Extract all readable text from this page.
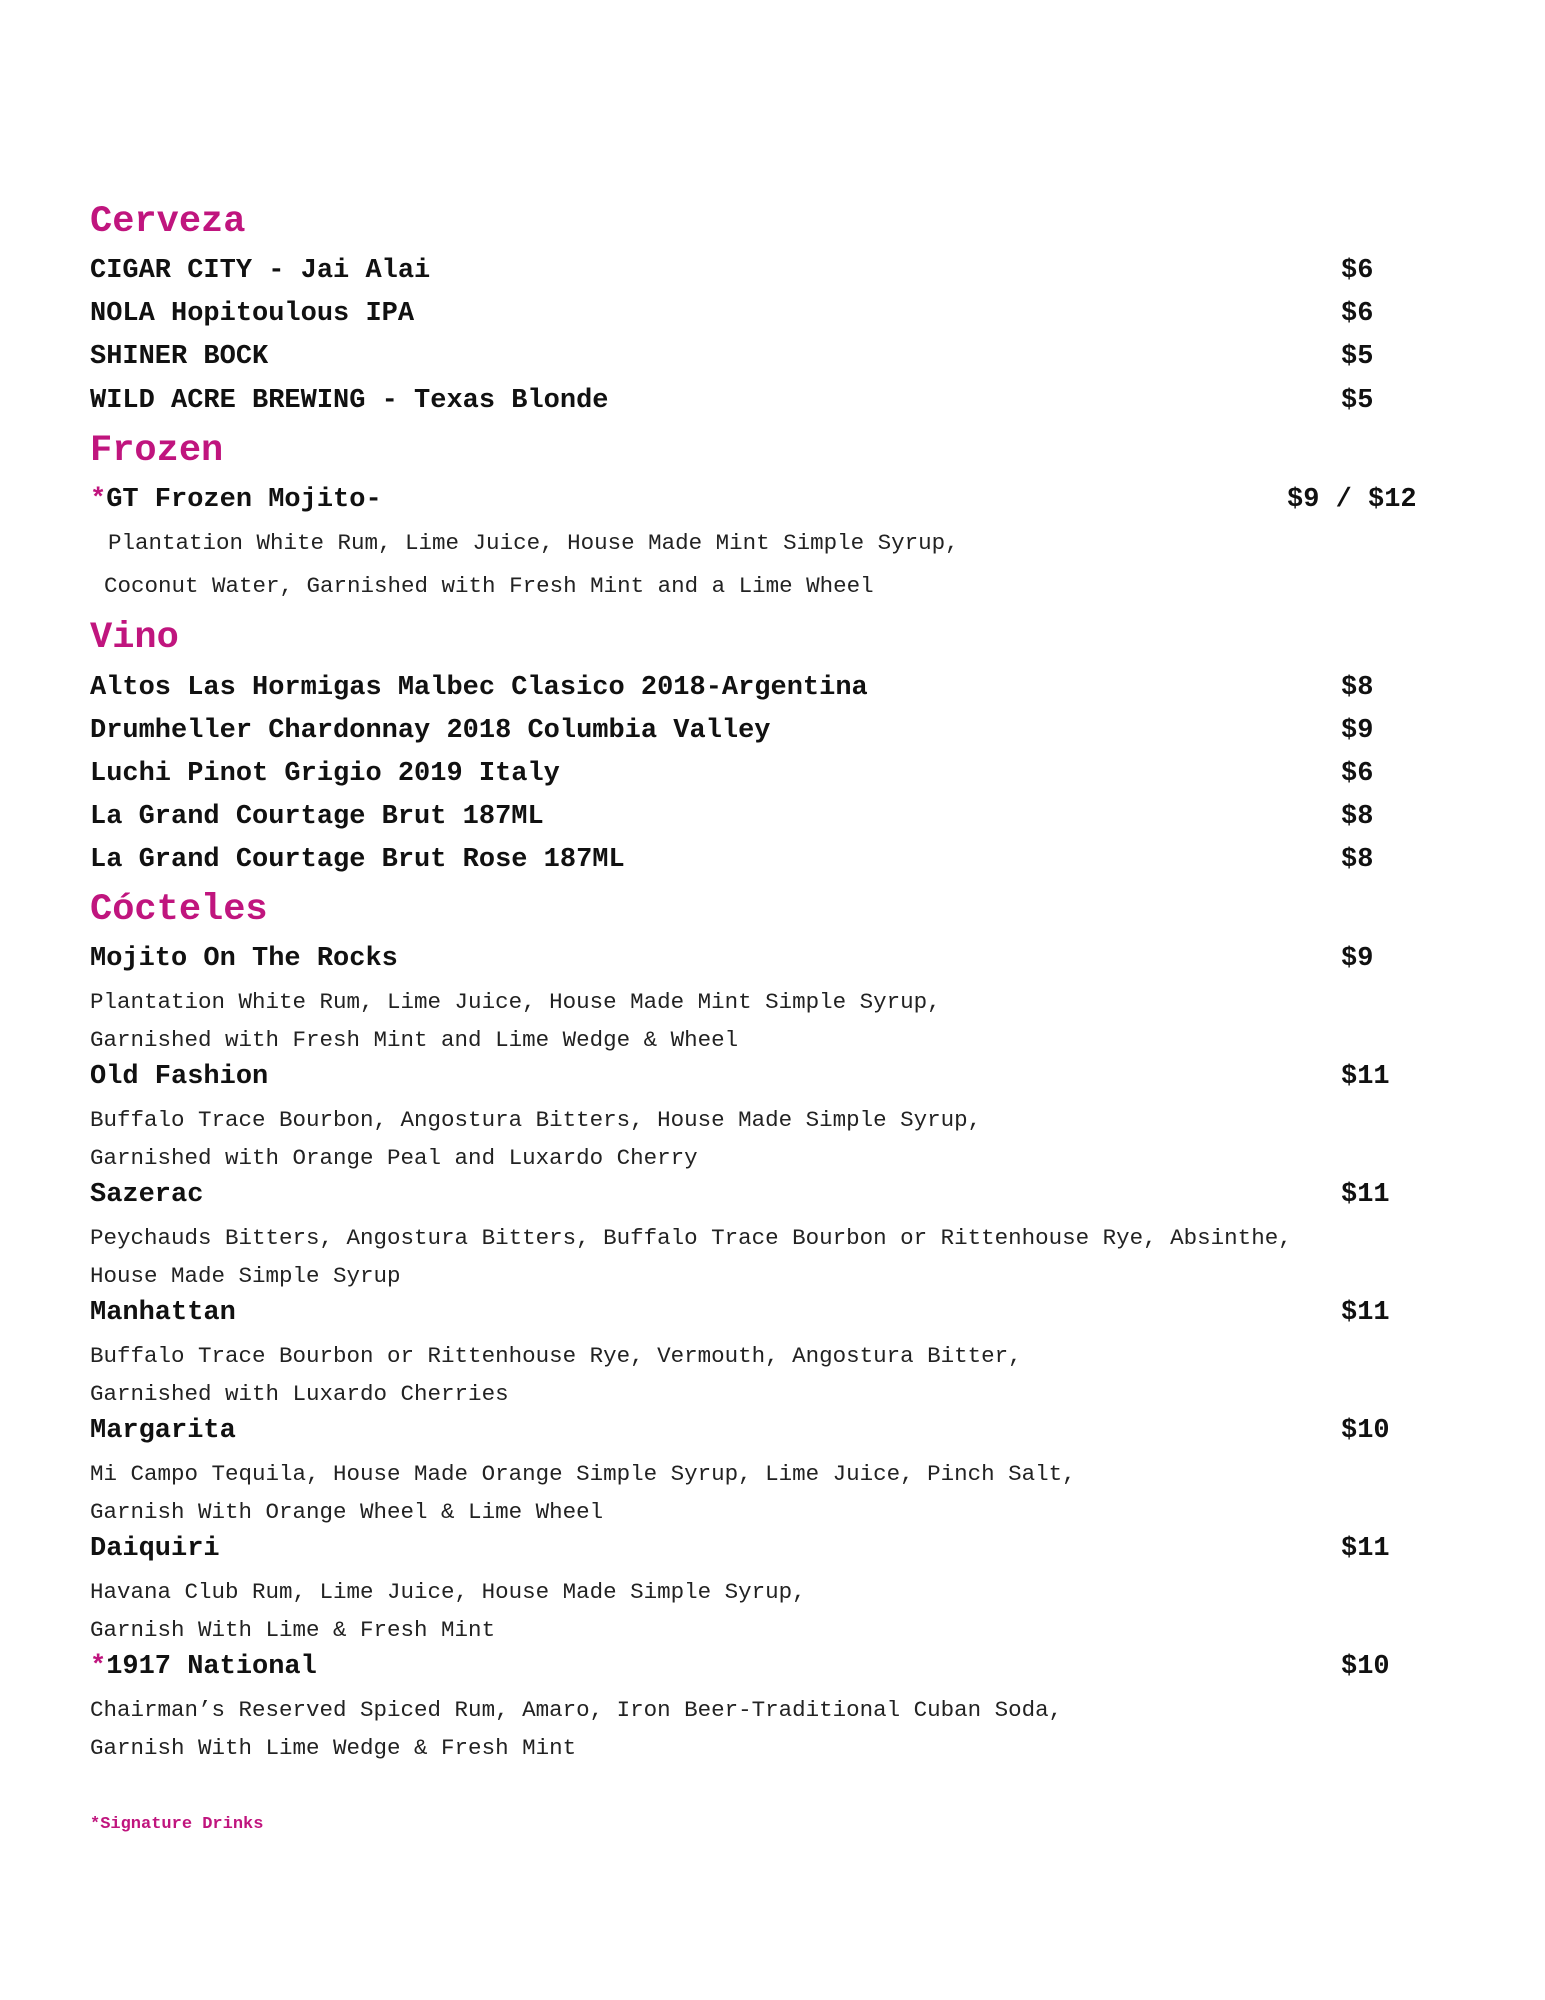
Cerveza
CIGAR CITY - Jai Alai	$6
NOLA Hopitoulous IPA	$6
SHINER BOCK	$5
WILD ACRE BREWING - Texas Blonde	$5
Frozen
*GT Frozen Mojito-	$9 / $12
Plantation White Rum, Lime Juice, House Made Mint Simple Syrup,
Coconut Water, Garnished with Fresh Mint and a Lime Wheel
Vino
Altos Las Hormigas Malbec Clasico 2018-Argentina	$8
Drumheller Chardonnay 2018 Columbia Valley	$9
Luchi Pinot Grigio 2019 Italy	$6
La Grand Courtage Brut 187ML	$8
La Grand Courtage Brut Rose 187ML	$8
Cócteles
Mojito On The Rocks	$9
Plantation White Rum, Lime Juice, House Made Mint Simple Syrup,
Garnished with Fresh Mint and Lime Wedge & Wheel
Old Fashion	$11
Buffalo Trace Bourbon, Angostura Bitters, House Made Simple Syrup,
Garnished with Orange Peal and Luxardo Cherry
Sazerac	$11
Peychauds Bitters, Angostura Bitters, Buffalo Trace Bourbon or Rittenhouse Rye, Absinthe,
House Made Simple Syrup
Manhattan	$11
Buffalo Trace Bourbon or Rittenhouse Rye, Vermouth, Angostura Bitter,
Garnished with Luxardo Cherries
Margarita	$10
Mi Campo Tequila, House Made Orange Simple Syrup, Lime Juice, Pinch Salt,
Garnish With Orange Wheel & Lime Wheel
Daiquiri	$11
Havana Club Rum, Lime Juice, House Made Simple Syrup,
Garnish With Lime & Fresh Mint
*1917 National	$10
Chairman’s Reserved Spiced Rum, Amaro, Iron Beer-Traditional Cuban Soda,
Garnish With Lime Wedge & Fresh Mint
*Signature Drinks
